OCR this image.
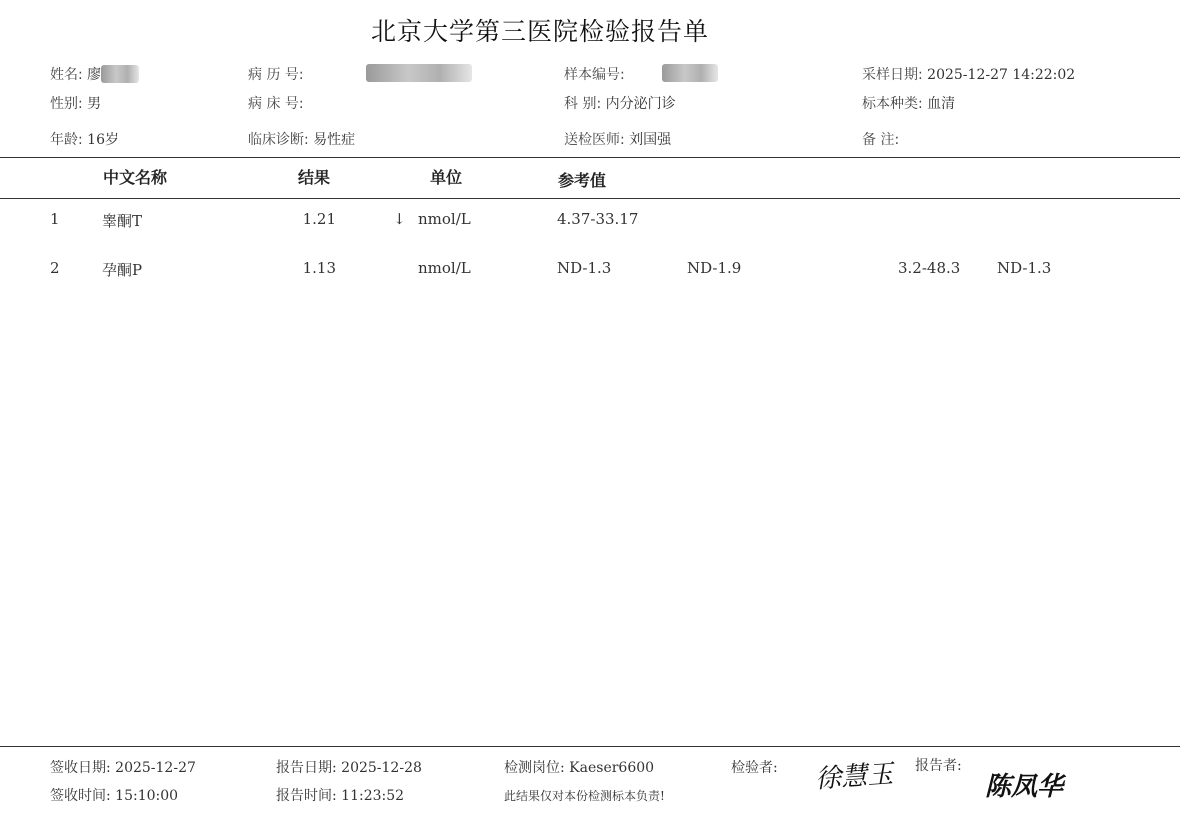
北京大学第三医院检验报告单
姓名: 廖
性别: 男
年龄: 16岁
病 历 号:
病 床 号:
临床诊断: 易性症
样本编号:
科 别: 内分泌门诊
送检医师: 刘国强
采样日期: 2025-12-27 14:22:02
标本种类: 血清
备 注:
中文名称	结果	单位	参考值
1	睾酮T	1.21	↓ nmol/L	4.37-33.17
2	孕酮P	1.13	nmol/L	ND-1.3	ND-1.9	3.2-48.3 ND-1.3
签收日期: 2025-12-27
签收时间: 15:10:00
报告日期: 2025-12-28
报告时间: 11:23:52
检测岗位: Kaeser6600
此结果仅对本份检测标本负责!
检验者: 徐慧玉 报告者:
陈凤华
